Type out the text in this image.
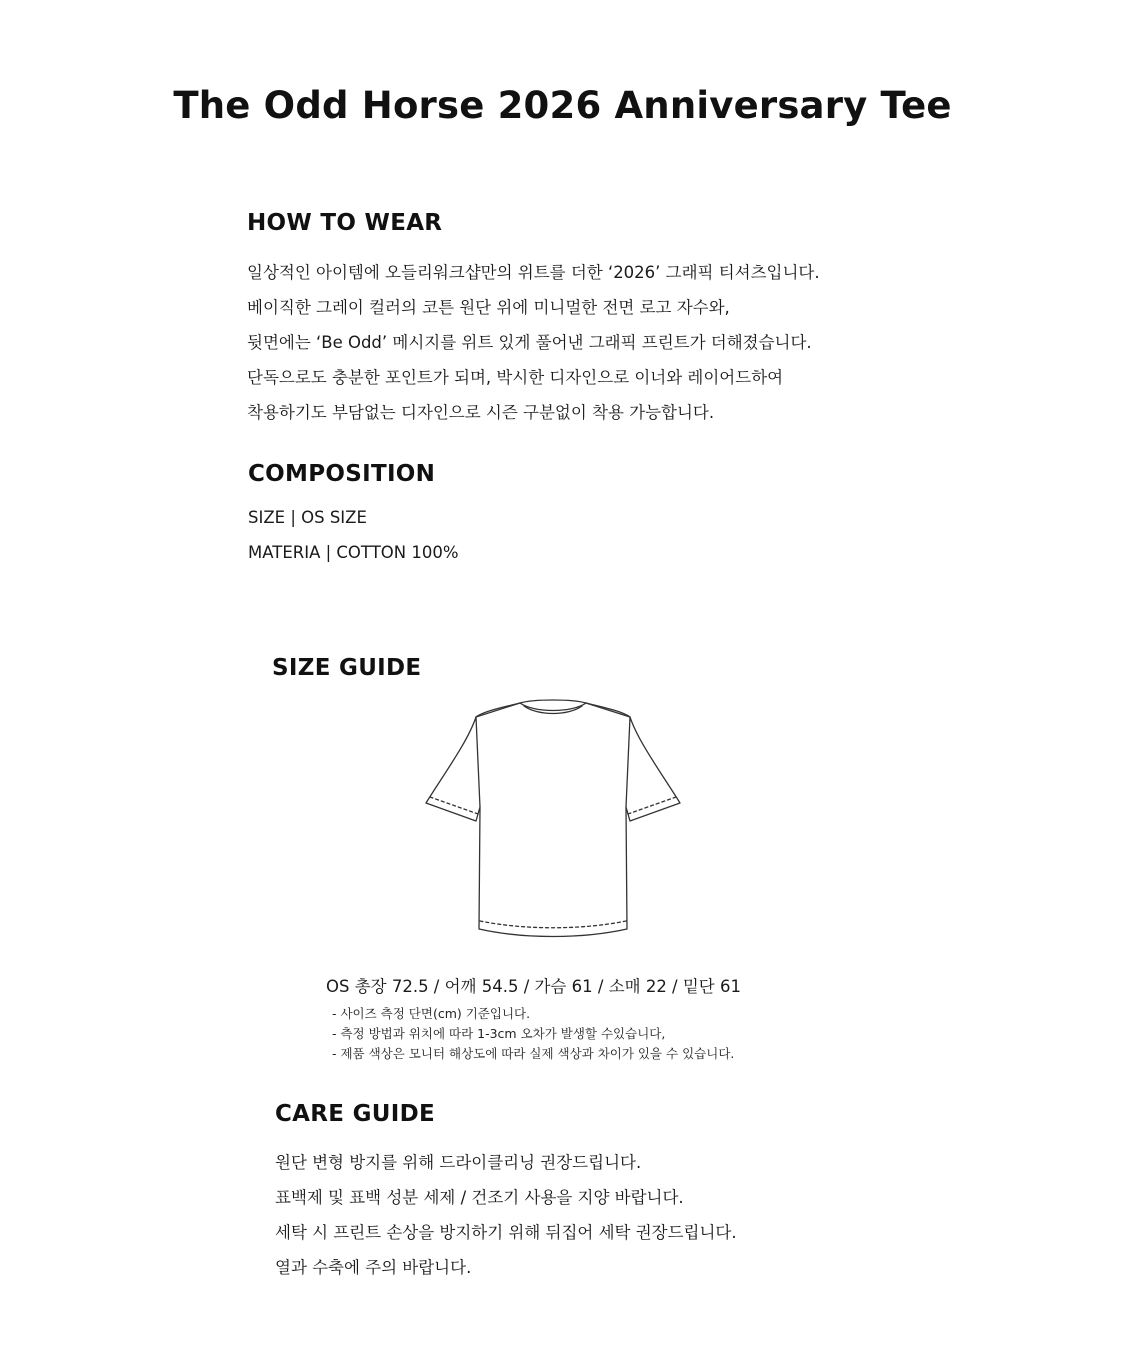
The Odd Horse 2026 Anniversary Tee
HOW TO WEAR

일상적인 아이템에 오들리워크샵만의 위트를 더한 ‘2026’ 그래픽 티셔츠입니다.

베이직한 그레이 컬러의 코튼 원단 위에 미니멀한 전면 로고 자수와,

뒷면에는 ‘Be Odd’ 메시지를 위트 있게 풀어낸 그래픽 프린트가 더해졌습니다.

단독으로도 충분한 포인트가 되며, 박시한 디자인으로 이너와 레이어드하여

착용하기도 부담없는 디자인으로 시즌 구분없이 착용 가능합니다.

COMPOSITION

SIZE | OS SIZE

MATERIA | COTTON 100%

SIZE GUIDE

OS 총장 72.5 / 어깨 54.5 / 가슴 61 / 소매 22 / 밑단 61

- 사이즈 측정 단면(cm) 기준입니다.

- 측정 방법과 위치에 따라 1-3cm 오차가 발생할 수있습니다,

- 제품 색상은 모니터 해상도에 따라 실제 색상과 차이가 있을 수 있습니다.

CARE GUIDE

원단 변형 방지를 위해 드라이클리닝 권장드립니다.

표백제 및 표백 성분 세제 / 건조기 사용을 지양 바랍니다.

세탁 시 프린트 손상을 방지하기 위해 뒤집어 세탁 권장드립니다.

열과 수축에 주의 바랍니다.
